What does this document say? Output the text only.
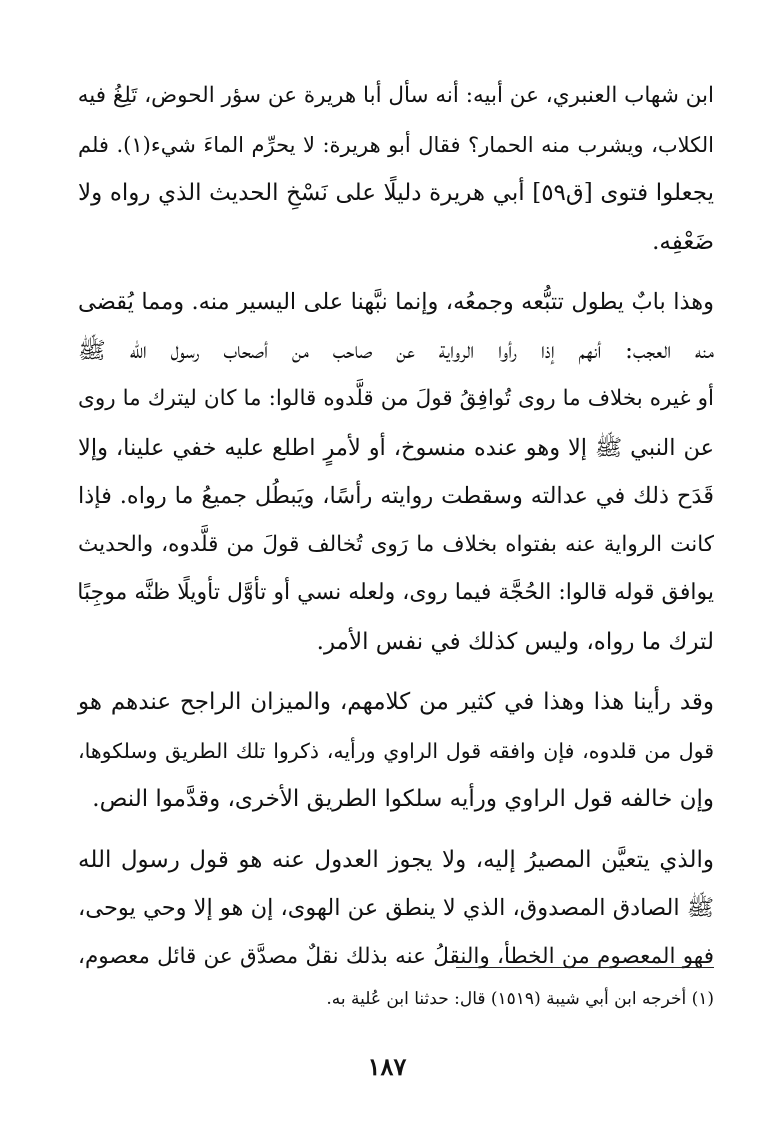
ابن شهاب العنبري، عن أبيه: أنه سأل أبا هريرة عن سؤر الحوض، تَلِغُ فيه
الكلاب، ويشرب منه الحمار؟ فقال أبو هريرة: لا يحرِّم الماءَ شيء(١). فلم
يجعلوا فتوى [ق٥٩] أبي هريرة دليلًا على نَسْخِ الحديث الذي رواه ولا
ضَعْفِه.
وهذا بابٌ يطول تتبُّعه وجمعُه، وإنما نبَّهنا على اليسير منه. ومما يُقضى
منه العجب: أنهم إذا رأوا الرواية عن صاحب من أصحاب رسول الله ﷺ
أو غيره بخلاف ما روى تُوافِقُ قولَ من قلَّدوه قالوا: ما كان ليترك ما روى
عن النبي ﷺ إلا وهو عنده منسوخ، أو لأمرٍ اطلع عليه خفي علينا، وإلا
قَدَح ذلك في عدالته وسقطت روايته رأسًا، ويَبطُل جميعُ ما رواه. فإذا
كانت الرواية عنه بفتواه بخلاف ما رَوى تُخالف قولَ من قلَّدوه، والحديث
يوافق قوله قالوا: الحُجَّة فيما روى، ولعله نسي أو تأوَّل تأويلًا ظنَّه موجِبًا
لترك ما رواه، وليس كذلك في نفس الأمر.
وقد رأينا هذا وهذا في كثير من كلامهم، والميزان الراجح عندهم هو
قول من قلدوه، فإن وافقه قول الراوي ورأيه، ذكروا تلك الطريق وسلكوها،
وإن خالفه قول الراوي ورأيه سلكوا الطريق الأخرى، وقدَّموا النص.
والذي يتعيَّن المصيرُ إليه، ولا يجوز العدول عنه هو قول رسول الله
ﷺ الصادق المصدوق، الذي لا ينطق عن الهوى، إن هو إلا وحي يوحى،
فهو المعصوم من الخطأ، والنقلُ عنه بذلك نقلٌ مصدَّق عن قائل معصوم،
(١) أخرجه ابن أبي شيبة (١٥١٩) قال: حدثنا ابن عُلية به.
١٨٧
